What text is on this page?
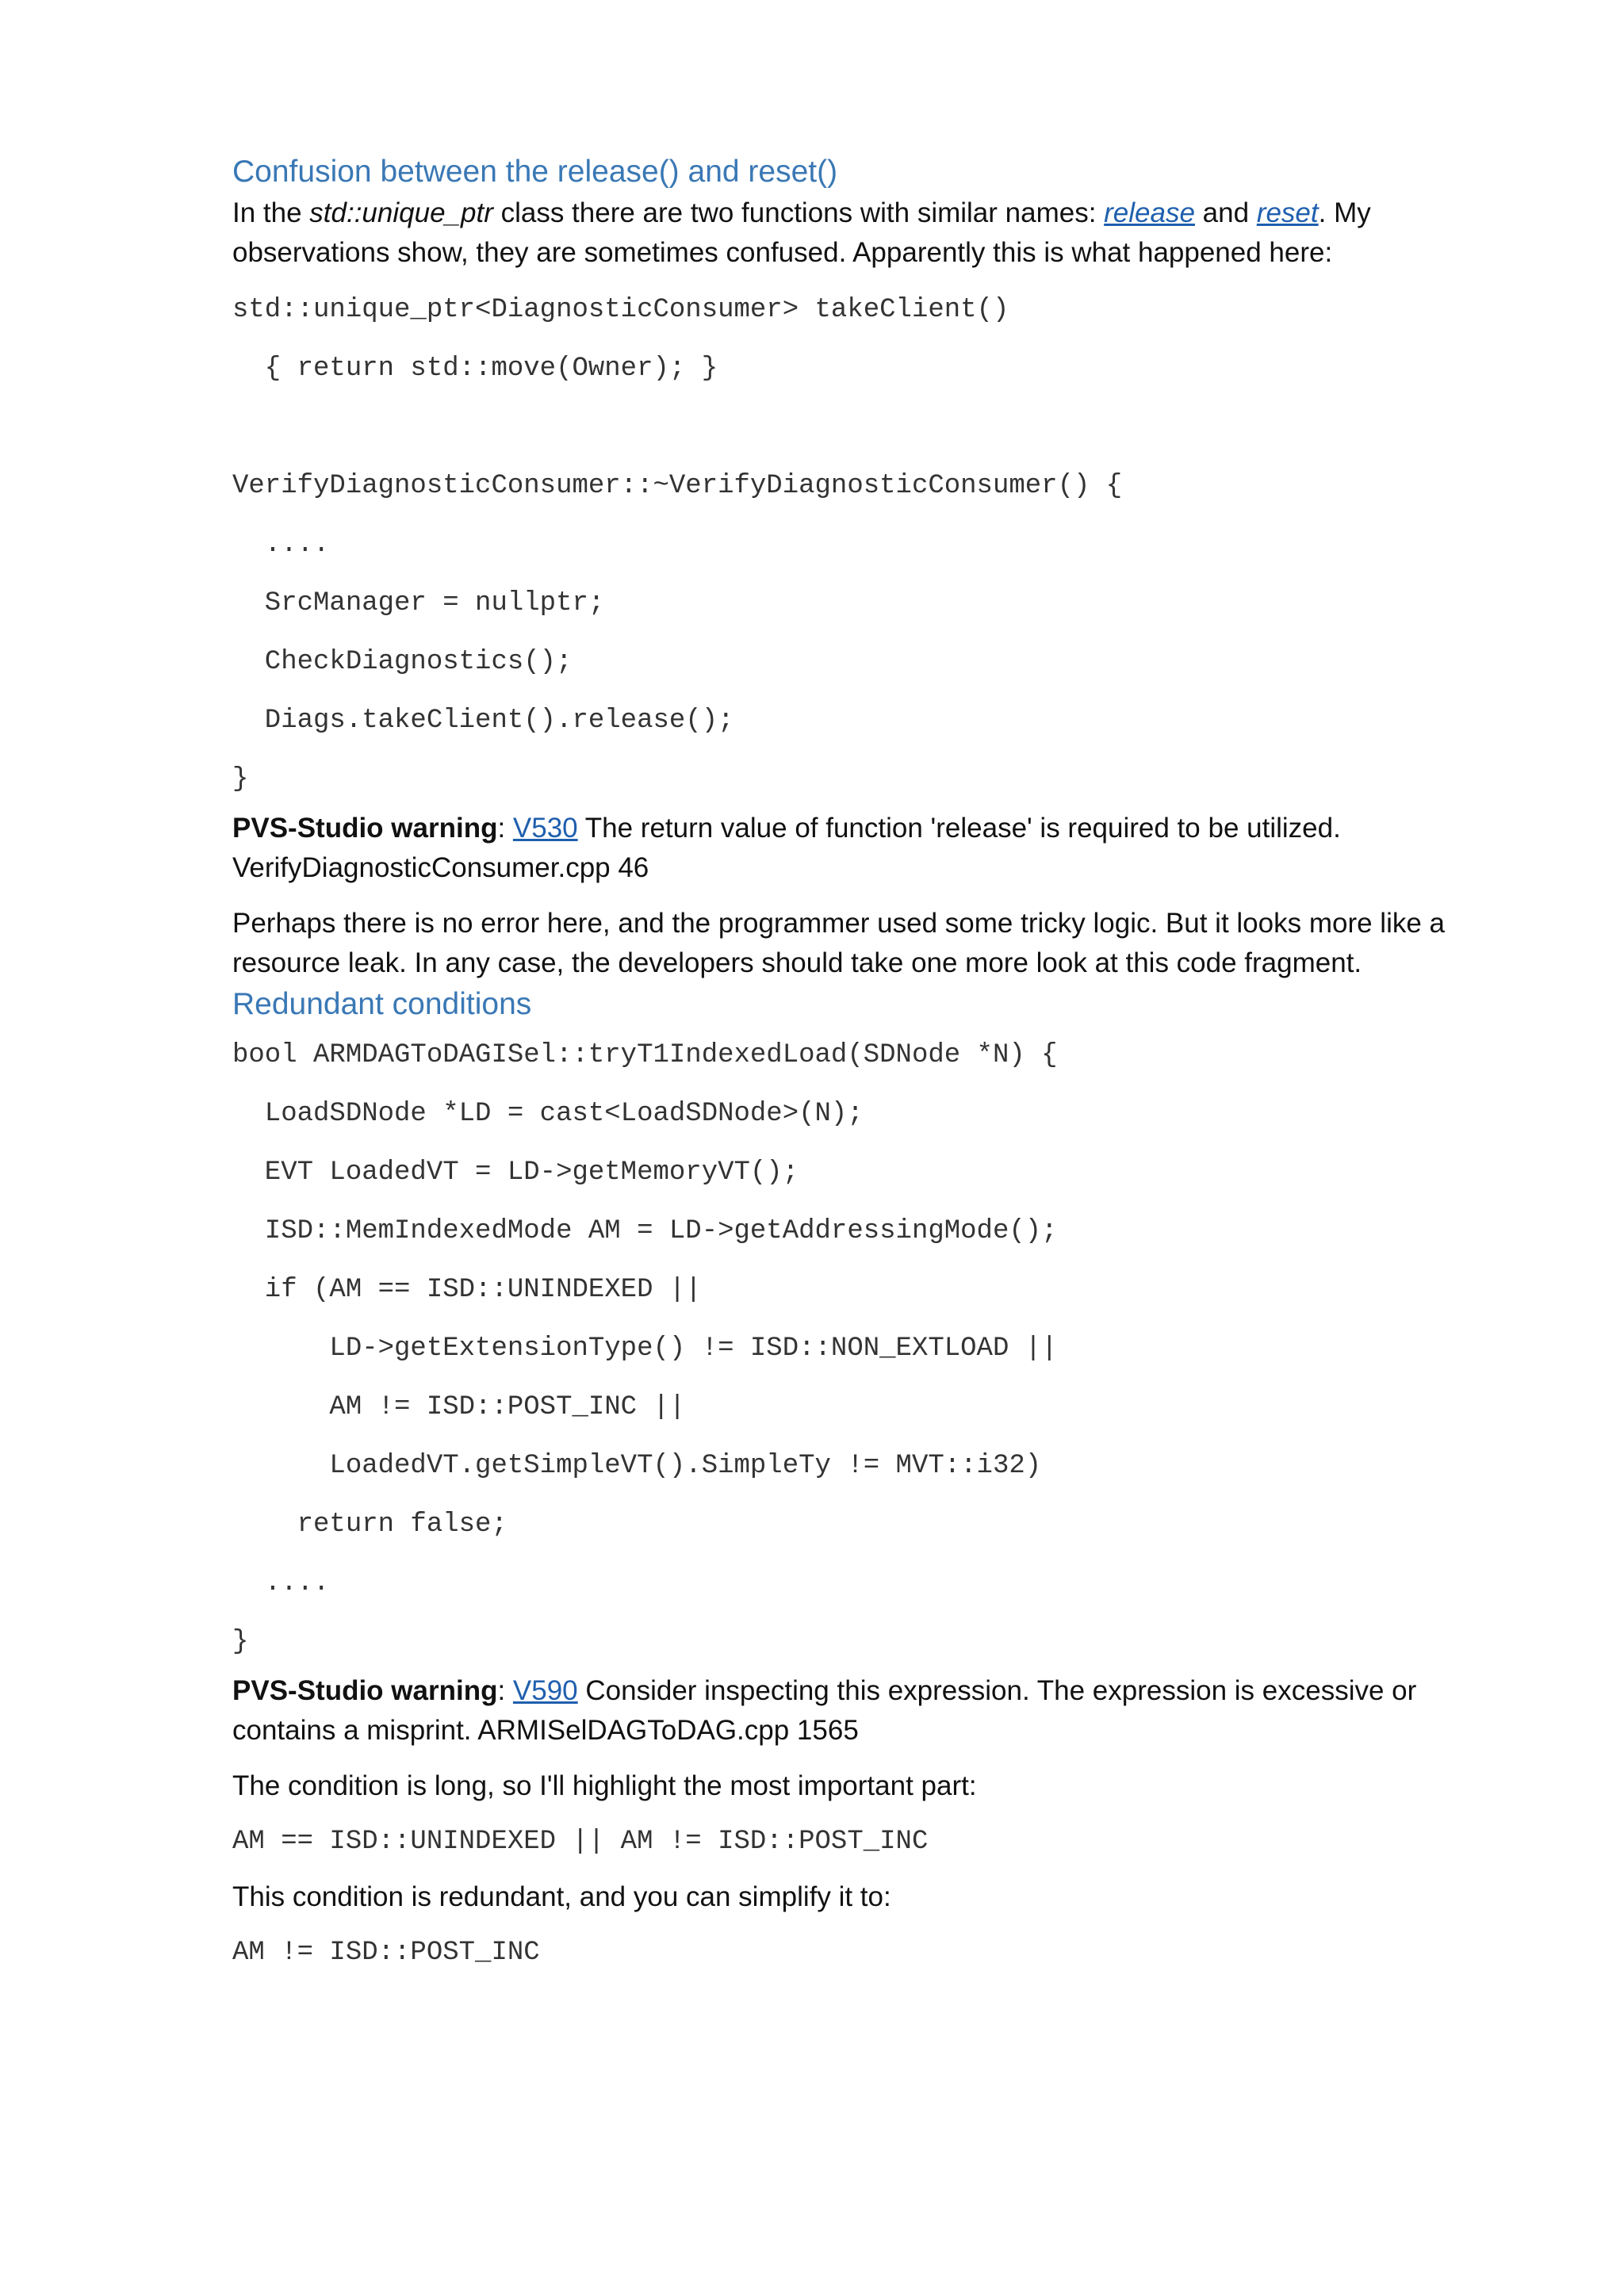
Confusion between the release() and reset()

In the std::unique_ptr class there are two functions with similar names: release and reset. My observations show, they are sometimes confused. Apparently this is what happened here:

std::unique_ptr<DiagnosticConsumer> takeClient()
{ return std::move(Owner); }
VerifyDiagnosticConsumer::~VerifyDiagnosticConsumer() {
....
SrcManager = nullptr;
CheckDiagnostics();
Diags.takeClient().release();
}

PVS-Studio warning: V530 The return value of function 'release' is required to be utilized. VerifyDiagnosticConsumer.cpp 46

Perhaps there is no error here, and the programmer used some tricky logic. But it looks more like a resource leak. In any case, the developers should take one more look at this code fragment.

Redundant conditions
bool ARMDAGToDAGISel::tryT1IndexedLoad(SDNode *N) {
LoadSDNode *LD = cast<LoadSDNode>(N);
EVT LoadedVT = LD->getMemoryVT();
ISD::MemIndexedMode AM = LD->getAddressingMode();
if (AM == ISD::UNINDEXED ||
LD->getExtensionType() != ISD::NON_EXTLOAD ||
AM != ISD::POST_INC ||
LoadedVT.getSimpleVT().SimpleTy != MVT::i32)
return false;
....
}

PVS-Studio warning: V590 Consider inspecting this expression. The expression is excessive or contains a misprint. ARMISelDAGToDAG.cpp 1565

The condition is long, so I'll highlight the most important part:

AM == ISD::UNINDEXED || AM != ISD::POST_INC

This condition is redundant, and you can simplify it to:

AM != ISD::POST_INC
